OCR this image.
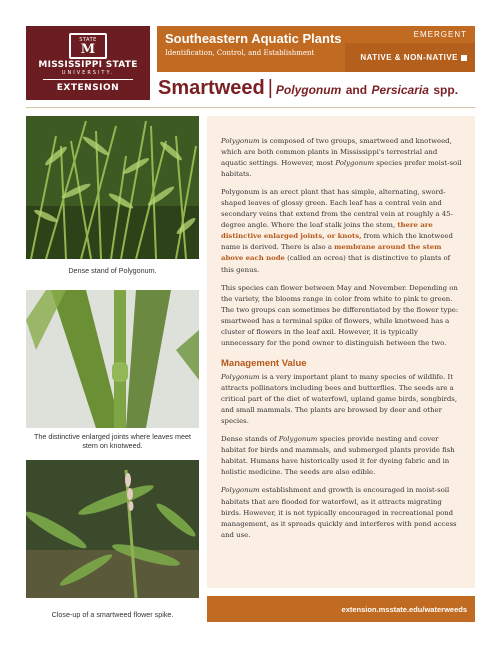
STATE
M
MISSISSIPPI STATE
UNIVERSITY.
EXTENSION
Southeastern Aquatic Plants
Identification, Control, and Establishment
EMERGENT
NATIVE & NON-NATIVE
Smartweed | Polygonum and Persicaria spp.
Dense stand of Polygonum.
The distinctive enlarged joints where leaves meet stem on knotweed.
Close-up of a smartweed flower spike.

Polygonum is composed of two groups, smartweed and knotweed, which are both common plants in Mississippi's terrestrial and aquatic settings. However, most Polygonum species prefer moist-soil habitats.

Polygonum is an erect plant that has simple, alternating, sword-shaped leaves of glossy green. Each leaf has a central vein and secondary veins that extend from the central vein at roughly a 45-degree angle. Where the leaf stalk joins the stem, there are distinctive enlarged joints, or knots, from which the knotweed name is derived. There is also a membrane around the stem above each node (called an ocrea) that is distinctive to plants of this genus.

This species can flower between May and November. Depending on the variety, the blooms range in color from white to pink to green. The two groups can sometimes be differentiated by the flower type: smartweed has a terminal spike of flowers, while knotweed has a cluster of flowers in the leaf axil. However, it is typically unnecessary for the pond owner to distinguish between the two.

Management Value

Polygonum is a very important plant to many species of wildlife. It attracts pollinators including bees and butterflies. The seeds are a critical part of the diet of waterfowl, upland game birds, songbirds, and small mammals. The plants are browsed by deer and other species.

Dense stands of Polygonum species provide nesting and cover habitat for birds and mammals, and submerged plants provide fish habitat. Humans have historically used it for dyeing fabric and in holistic medicine. The seeds are also edible.

Polygonum establishment and growth is encouraged in moist-soil habitats that are flooded for waterfowl, as it attracts migrating birds. However, it is not typically encouraged in recreational pond management, as it spreads quickly and interferes with pond access and use.

extension.msstate.edu/waterweeds
